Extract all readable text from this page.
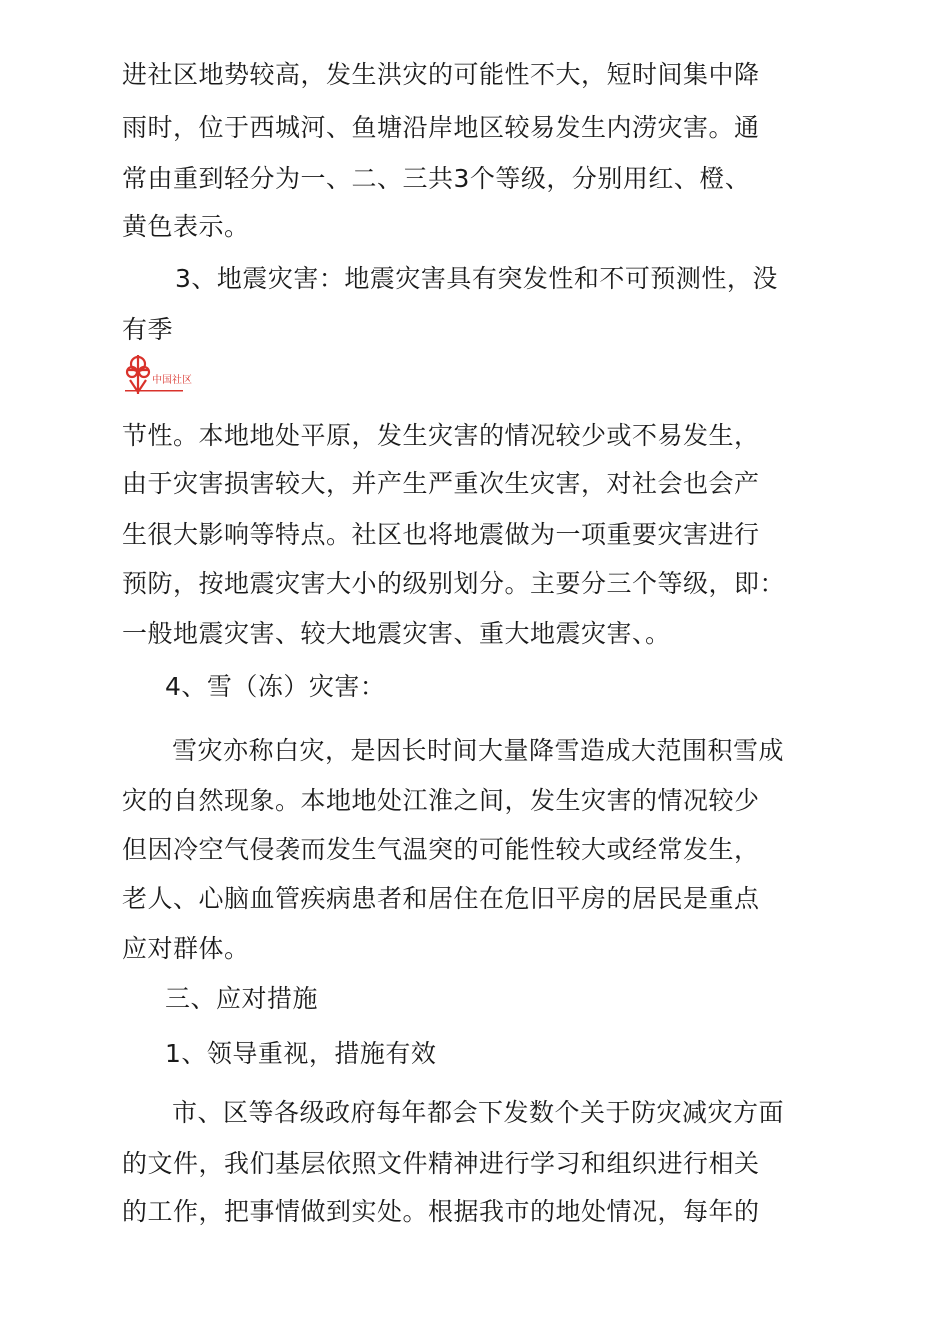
进社区地势较高，发生洪灾的可能性不大，短时间集中降
雨时，位于西城河、鱼塘沿岸地区较易发生内涝灾害。通
常由重到轻分为一、二、三共3个等级，分别用红、橙、
黄色表示。
3、地震灾害：地震灾害具有突发性和不可预测性，没
有季
中国社区
节性。本地地处平原，发生灾害的情况较少或不易发生，
由于灾害损害较大，并产生严重次生灾害，对社会也会产
生很大影响等特点。社区也将地震做为一项重要灾害进行
预防，按地震灾害大小的级别划分。主要分三个等级，即：
一般地震灾害、较大地震灾害、重大地震灾害、。
4、雪（冻）灾害：
雪灾亦称白灾，是因长时间大量降雪造成大范围积雪成
灾的自然现象。本地地处江淮之间，发生灾害的情况较少
但因冷空气侵袭而发生气温突的可能性较大或经常发生，
老人、心脑血管疾病患者和居住在危旧平房的居民是重点
应对群体。
三、应对措施
1、领导重视，措施有效
市、区等各级政府每年都会下发数个关于防灾减灾方面
的文件，我们基层依照文件精神进行学习和组织进行相关
的工作，把事情做到实处。根据我市的地处情况，每年的
